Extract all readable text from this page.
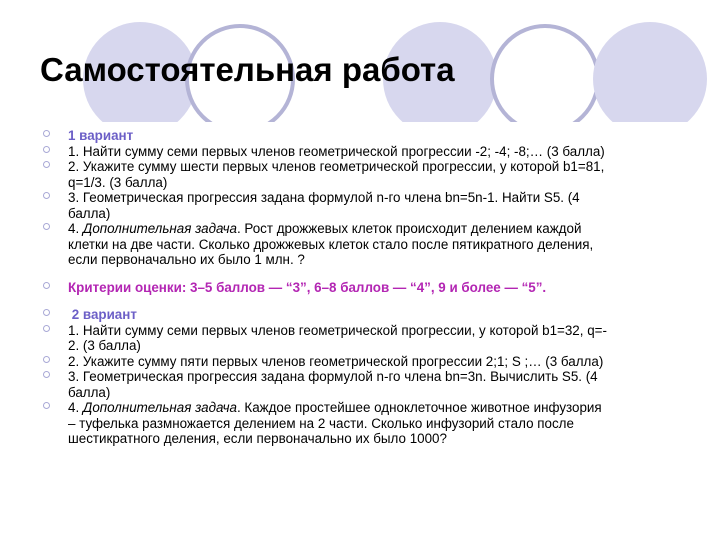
Самостоятельная работа
1 вариант
1. Найти сумму семи первых членов геометрической прогрессии -2; -4; -8;… (3 балла)
2. Укажите сумму шести первых членов геометрической прогрессии, у которой b1=81,
q=1/3. (3 балла)
3. Геометрическая прогрессия задана формулой n-го члена bn=5n-1. Найти S5. (4
балла)
4. Дополнительная задача. Рост дрожжевых клеток происходит делением каждой
клетки на две части. Сколько дрожжевых клеток стало после пятикратного деления,
если первоначально их было 1 млн. ?
Критерии оценки: 3–5 баллов — “3”, 6–8 баллов — “4”, 9 и более — “5”.
2 вариант
1. Найти сумму семи первых членов геометрической прогрессии, у которой b1=32, q=-
2. (3 балла)
2. Укажите сумму пяти первых членов геометрической прогрессии 2;1; S ;… (3 балла)
3. Геометрическая прогрессия задана формулой n-го члена bn=3n. Вычислить S5. (4
балла)
4. Дополнительная задача. Каждое простейшее одноклеточное животное инфузория
– туфелька размножается делением на 2 части. Сколько инфузорий стало после
шестикратного деления, если первоначально их было 1000?
